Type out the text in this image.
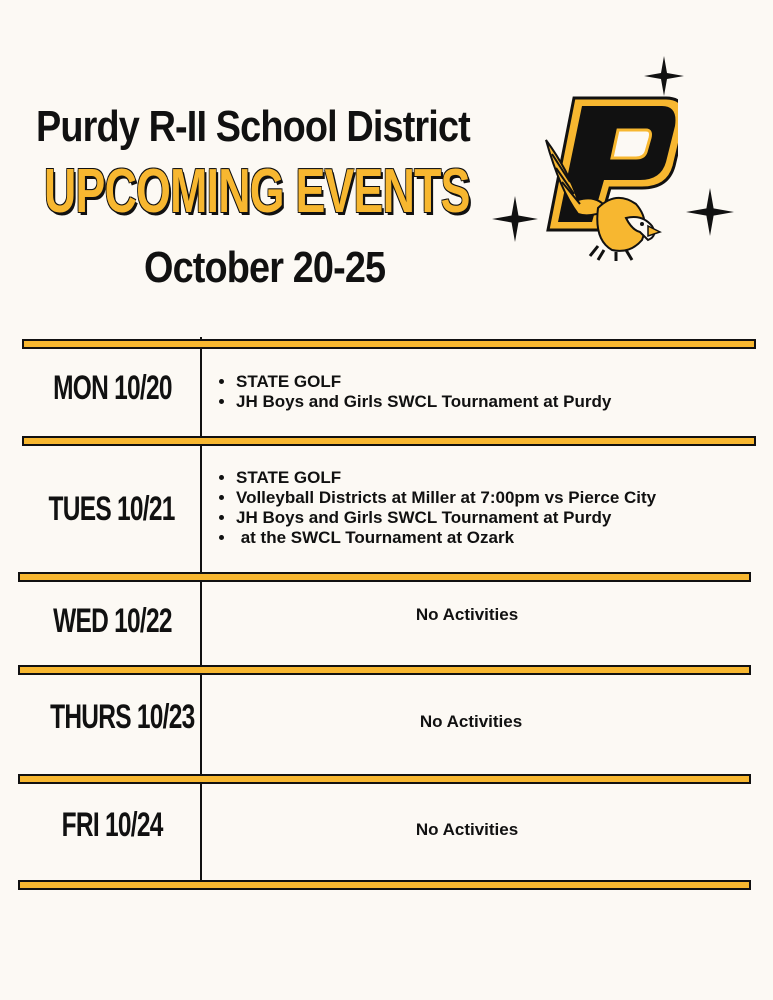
Purdy R-II School District
UPCOMING EVENTS
October 20-25
MON 10/20
•	STATE GOLF
• JH Boys and Girls SWCL Tournament at Purdy
TUES 10/21
• STATE GOLF
• Volleyball Districts at Miller at 7:00pm vs Pierce City
• JH Boys and Girls SWCL Tournament at Purdy
•  at the SWCL Tournament at Ozark
WED 10/22	No Activities
THURS 10/23	No Activities
FRI 10/24	No Activities
